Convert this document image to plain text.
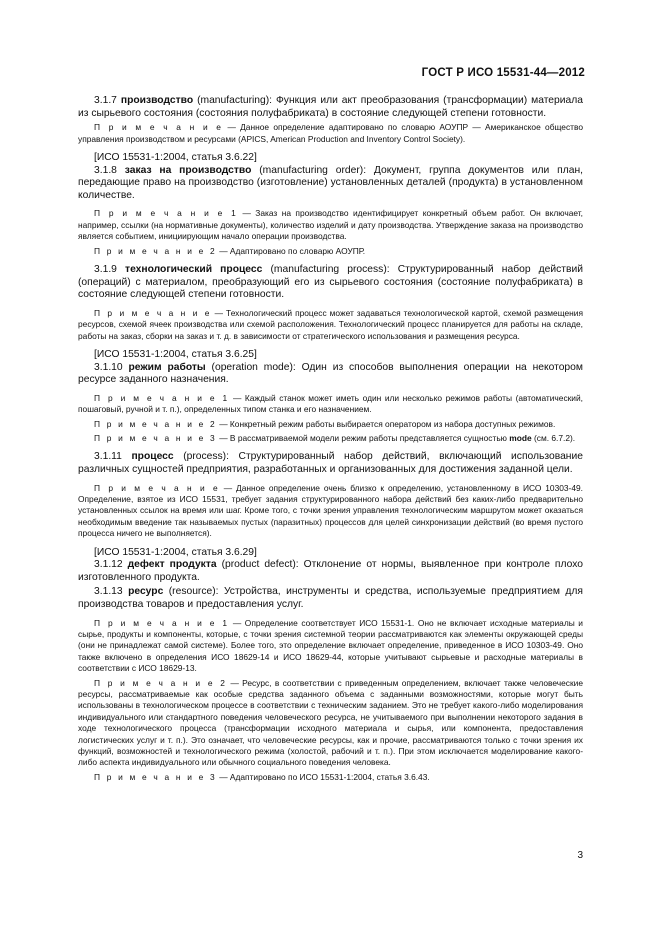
ГОСТ Р ИСО 15531-44—2012

3.1.7 производство (manufacturing): Функция или акт преобразования (трансформации) материала из сырьевого состояния (состояния полуфабриката) в состояние следующей степени готовности.

П р и м е ч а н и е — Данное определение адаптировано по словарю АОУПР — Американское общество управления производством и ресурсами (APICS, American Production and Inventory Control Society).

[ИСО 15531-1:2004, статья 3.6.22]

3.1.8 заказ на производство (manufacturing order): Документ, группа документов или план, передающие право на производство (изготовление) установленных деталей (продукта) в установленном количестве.

П р и м е ч а н и е 1 — Заказ на производство идентифицирует конкретный объем работ. Он включает, например, ссылки (на нормативные документы), количество изделий и дату производства. Утверждение заказа на производство является событием, инициирующим начало операции производства.

П р и м е ч а н и е 2 — Адаптировано по словарю АОУПР.

3.1.9 технологический процесс (manufacturing process): Структурированный набор действий (операций) с материалом, преобразующий его из сырьевого состояния (состояние полуфабриката) в состояние следующей степени готовности.

П р и м е ч а н и е — Технологический процесс может задаваться технологической картой, схемой размещения ресурсов, схемой ячеек производства или схемой расположения. Технологический процесс планируется для работы на складе, работы на заказ, сборки на заказ и т. д. в зависимости от стратегического использования и размещения ресурса.

[ИСО 15531-1:2004, статья 3.6.25]

3.1.10 режим работы (operation mode): Один из способов выполнения операции на некотором ресурсе заданного назначения.

П р и м е ч а н и е 1 — Каждый станок может иметь один или несколько режимов работы (автоматический, пошаговый, ручной и т. п.), определенных типом станка и его назначением.

П р и м е ч а н и е 2 — Конкретный режим работы выбирается оператором из набора доступных режимов.

П р и м е ч а н и е 3 — В рассматриваемой модели режим работы представляется сущностью mode (см. 6.7.2).

3.1.11 процесс (process): Структурированный набор действий, включающий использование различных сущностей предприятия, разработанных и организованных для достижения заданной цели.

П р и м е ч а н и е — Данное определение очень близко к определению, установленному в ИСО 10303-49. Определение, взятое из ИСО 15531, требует задания структурированного набора действий без каких-либо предварительно установленных ссылок на время или шаг. Кроме того, с точки зрения управления технологическим маршрутом может оказаться необходимым введение так называемых пустых (паразитных) процессов для целей синхронизации действий (во время пустого процесса ничего не выполняется).

[ИСО 15531-1:2004, статья 3.6.29]

3.1.12 дефект продукта (product defect): Отклонение от нормы, выявленное при контроле плохо изготовленного продукта.

3.1.13 ресурс (resource): Устройства, инструменты и средства, используемые предприятием для производства товаров и предоставления услуг.

П р и м е ч а н и е 1 — Определение соответствует ИСО 15531-1. Оно не включает исходные материалы и сырье, продукты и компоненты, которые, с точки зрения системной теории рассматриваются как элементы окружающей среды (они не принадлежат самой системе). Более того, это определение включает определение, приведенное в ИСО 10303-49. Оно также включено в определения ИСО 18629-14 и ИСО 18629-44, которые учитывают сырьевые и расходные материалы в соответствии с ИСО 18629-13.

П р и м е ч а н и е 2 — Ресурс, в соответствии с приведенным определением, включает также человеческие ресурсы, рассматриваемые как особые средства заданного объема с заданными возможностями, которые могут быть использованы в технологическом процессе в соответствии с техническим заданием. Это не требует какого-либо моделирования индивидуального или стандартного поведения человеческого ресурса, не учитываемого при выполнении некоторого задания в ходе технологического процесса (трансформации исходного материала и сырья, или компонента, предоставления логистических услуг и т. п.). Это означает, что человеческие ресурсы, как и прочие, рассматриваются только с точки зрения их функций, возможностей и технологического режима (холостой, рабочий и т. п.). При этом исключается моделирование какого-либо аспекта индивидуального или обычного социального поведения человека.

П р и м е ч а н и е 3 — Адаптировано по ИСО 15531-1:2004, статья 3.6.43.

3
